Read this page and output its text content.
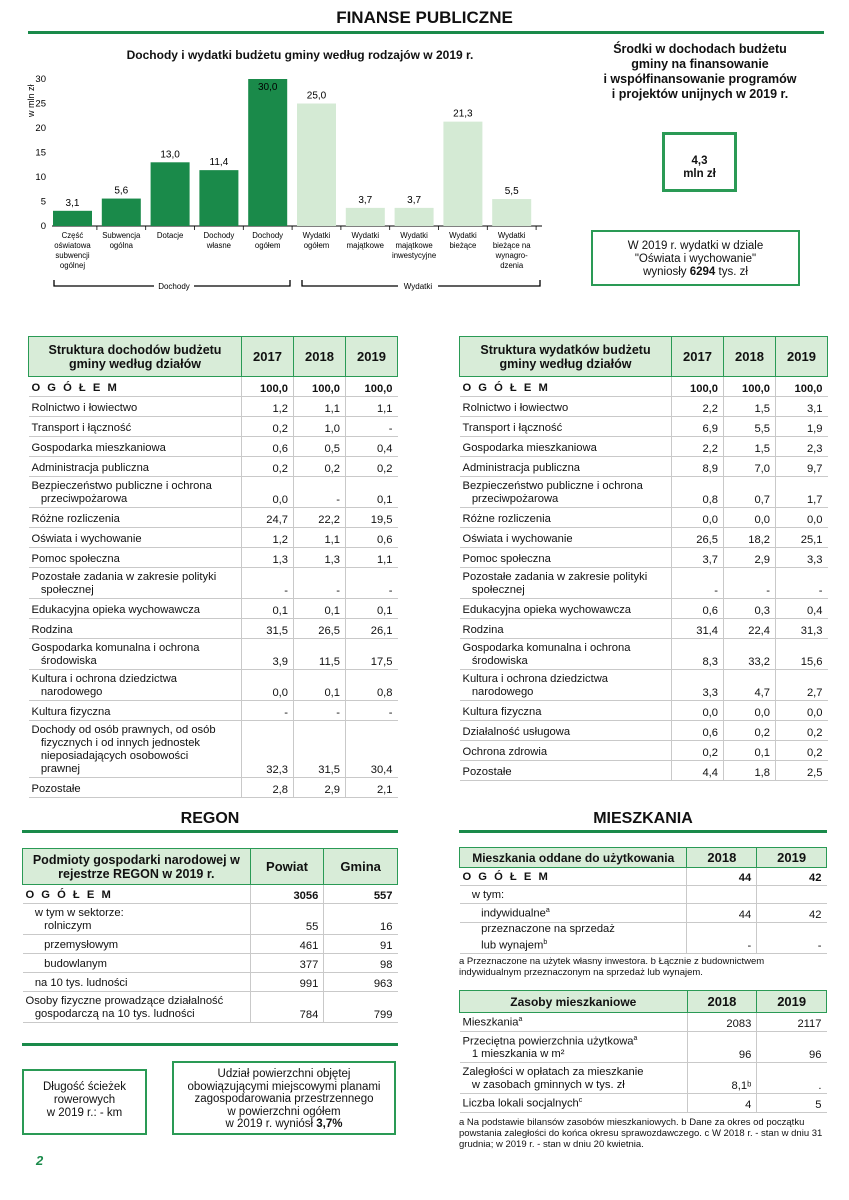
FINANSE PUBLICZNE
Dochody i wydatki budżetu gminy według rodzajów w 2019 r.
w mln zł
0
5
10
15
20
25
30
3,1
Część
oświatowa
subwencji
ogólnej
5,6
Subwencja
ogólna
13,0
Dotacje
11,4
Dochody
własne
30,0
Dochody
ogółem
25,0
Wydatki
ogółem
3,7
Wydatki
majątkowe
3,7
Wydatki
majątkowe
inwestycyjne
21,3
Wydatki
bieżące
5,5
Wydatki
bieżące na
wynagro-
dzenia
Dochody	Wydatki
Środki w dochodach budżetu
gminy na finansowanie
i współfinansowanie programów
i projektów unijnych w 2019 r.
4,3
mln zł
W 2019 r. wydatki w dziale
"Oświata i wychowanie"
wyniosły 6294 tys. zł
Struktura dochodów budżetu gminy według działów	2017	2018	2019
O G Ó Ł E M	100,0	100,0	100,0
Rolnictwo i łowiectwo	1,2	1,1	1,1
Transport i łączność	0,2	1,0	-
Gospodarka mieszkaniowa	0,6	0,5	0,4
Administracja publiczna	0,2	0,2	0,2
Bezpieczeństwo publiczne i ochrona
przeciwpożarowa	0,0	-	0,1
Różne rozliczenia	24,7	22,2	19,5
Oświata i wychowanie	1,2	1,1	0,6
Pomoc społeczna	1,3	1,3	1,1
Pozostałe zadania w zakresie polityki
społecznej	-	-	-
Edukacyjna opieka wychowawcza	0,1	0,1	0,1
Rodzina	31,5	26,5	26,1
Gospodarka komunalna i ochrona
środowiska	3,9	11,5	17,5
Kultura i ochrona dziedzictwa
narodowego	0,0	0,1	0,8
Kultura fizyczna	-	-	-
Dochody od osób prawnych, od osób
fizycznych i od innych jednostek
nieposiadających osobowości
prawnej	32,3	31,5	30,4
Pozostałe	2,8	2,9	2,1
Struktura wydatków budżetu gminy według działów	2017	2018	2019
O G Ó Ł E M	100,0	100,0	100,0
Rolnictwo i łowiectwo	2,2	1,5	3,1
Transport i łączność	6,9	5,5	1,9
Gospodarka mieszkaniowa	2,2	1,5	2,3
Administracja publiczna	8,9	7,0	9,7
Bezpieczeństwo publiczne i ochrona
przeciwpożarowa	0,8	0,7	1,7
Różne rozliczenia	0,0	0,0	0,0
Oświata i wychowanie	26,5	18,2	25,1
Pomoc społeczna	3,7	2,9	3,3
Pozostałe zadania w zakresie polityki
społecznej	-	-	-
Edukacyjna opieka wychowawcza	0,6	0,3	0,4
Rodzina	31,4	22,4	31,3
Gospodarka komunalna i ochrona
środowiska	8,3	33,2	15,6
Kultura i ochrona dziedzictwa
narodowego	3,3	4,7	2,7
Kultura fizyczna	0,0	0,0	0,0
Działalność usługowa	0,6	0,2	0,2
Ochrona zdrowia	0,2	0,1	0,2
Pozostałe	4,4	1,8	2,5
REGON
Podmioty gospodarki narodowej w rejestrze REGON w 2019 r.	Powiat	Gmina
O G Ó Ł E M	3056	557
w tym w sektorze:
rolniczym	55	16
przemysłowym	461	91
budowlanym	377	98
na 10 tys. ludności	991	963
Osoby fizyczne prowadzące działalność
gospodarczą na 10 tys. ludności	784	799
Długość ścieżek
rowerowych
w 2019 r.: - km
Udział powierzchni objętej
obowiązującymi miejscowymi planami
zagospodarowania przestrzennego
w powierzchni ogółem
w 2019 r. wyniósł 3,7%
MIESZKANIA
Mieszkania oddane do użytkowania	2018	2019
O G Ó Ł E M	44	42
w tym:		
indywidualne$^a$	44	42
przeznaczone na sprzedaż
lub wynajem$^b$	-	-
a Przeznaczone na użytek własny inwestora. b Łącznie z budownictwem indywidualnym przeznaczonym na sprzedaż lub wynajem.
Zasoby mieszkaniowe	2018	2019
Mieszkania$^a$	2083	2117
Przeciętna powierzchnia użytkowa$^a$
1 mieszkania w m²	96	96
Zaległości w opłatach za mieszkanie
w zasobach gminnych w tys. zł	8,1ᵇ	.
Liczba lokali socjalnych$^c$	4	5
a Na podstawie bilansów zasobów mieszkaniowych. b Dane za okres od początku powstania zaległości do końca okresu sprawozdawczego. c W 2018 r. - stan w dniu 31 grudnia; w 2019 r. - stan w dniu 20 kwietnia.
2
